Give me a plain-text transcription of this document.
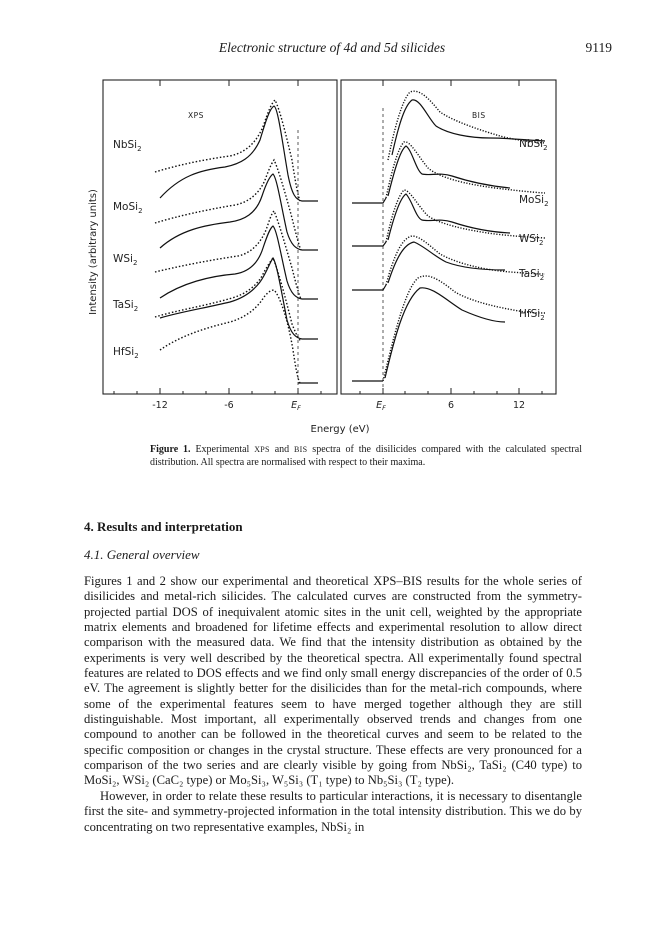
Electronic structure of 4d and 5d silicides	9119
XPS	BIS
NbSi$_2$
MoSi$_2$
WSi$_2$
TaSi$_2$
HfSi$_2$
NbSi$_2$
MoSi$_2$
WSi$_2$
TaSi$_2$
HfSi$_2$
Intensity (arbitrary units)
-12	-6	$E_F$	$E_F$	6	12
Energy (eV)
Figure 1. Experimental XPS and BIS spectra of the disilicides compared with the calculated spectral distribution. All spectra are normalised with respect to their maxima.
4. Results and interpretation
4.1. General overview

Figures 1 and 2 show our experimental and theoretical XPS–BIS results for the whole series of disilicides and metal-rich silicides. The calculated curves are constructed from the symmetry-projected partial DOS of inequivalent atomic sites in the unit cell, weighted by the appropriate matrix elements and broadened for lifetime effects and experimental resolution to allow direct comparison with the measured data. We find that the intensity distribution as obtained by the experiments is very well described by the theoretical spectra. All experimentally found spectral features are related to DOS effects and we find only small energy discrepancies of the order of 0.5 eV. The agreement is slightly better for the disilicides than for the metal-rich compounds, where some of the experimental features seem to have merged together although they are still distinguishable. Most important, all experimentally observed trends and changes from one compound to another can be followed in the theoretical curves and seem to be related to the specific composition or changes in the crystal structure. These effects are very pronounced for a comparison of the two series and are clearly visible by going from NbSi₂, TaSi₂ (C40 type) to MoSi₂, WSi₂ (CaC₂ type) or Mo₅Si₃, W₅Si₃ (T₁ type) to Nb₅Si₃ (T₂ type).

However, in order to relate these results to particular interactions, it is necessary to disentangle first the site- and symmetry-projected information in the total intensity distribution. This we do by concentrating on two representative examples, NbSi₂ in
